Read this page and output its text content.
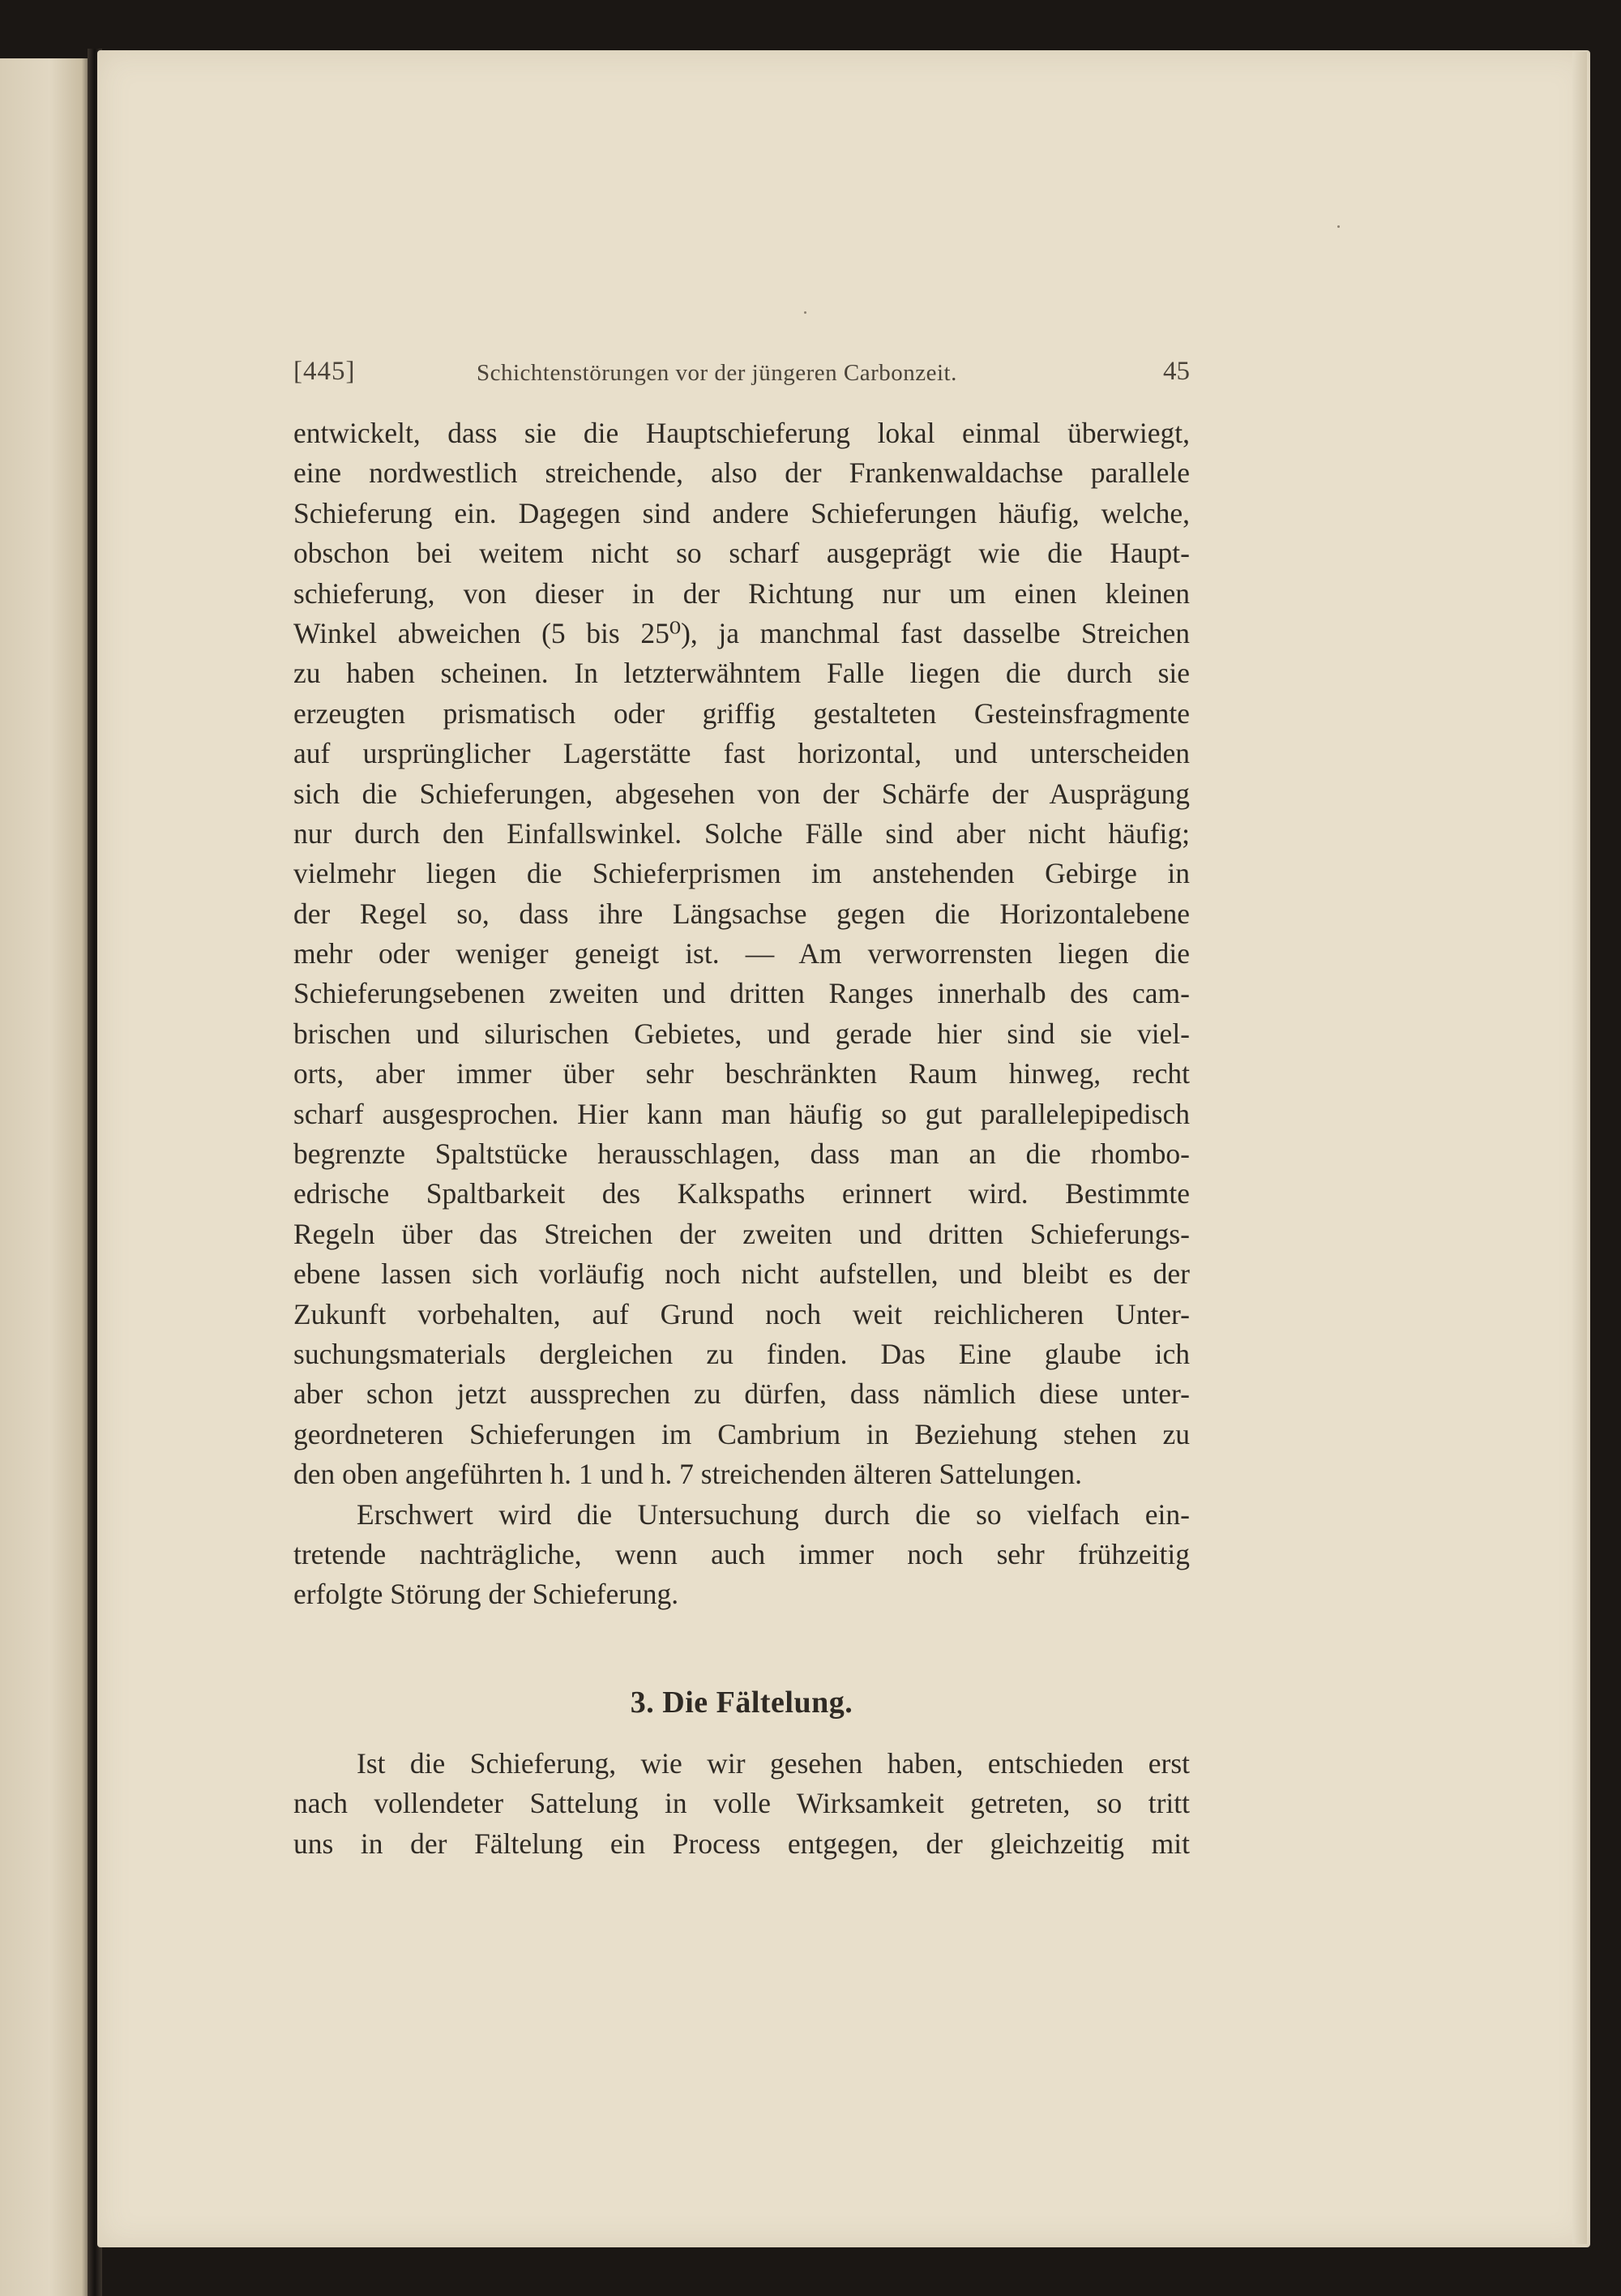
[445]	Schichtenstörungen vor der jüngeren Carbonzeit.	45
entwickelt, dass sie die Hauptschieferung lokal einmal überwiegt,
eine nordwestlich streichende, also der Frankenwaldachse parallele
Schieferung ein. Dagegen sind andere Schieferungen häufig, welche,
obschon bei weitem nicht so scharf ausgeprägt wie die Haupt-
schieferung, von dieser in der Richtung nur um einen kleinen
Winkel abweichen (5 bis 25⁰), ja manchmal fast dasselbe Streichen
zu haben scheinen. In letzterwähntem Falle liegen die durch sie
erzeugten prismatisch oder griffig gestalteten Gesteinsfragmente
auf ursprünglicher Lagerstätte fast horizontal, und unterscheiden
sich die Schieferungen, abgesehen von der Schärfe der Ausprägung
nur durch den Einfallswinkel. Solche Fälle sind aber nicht häufig;
vielmehr liegen die Schieferprismen im anstehenden Gebirge in
der Regel so, dass ihre Längsachse gegen die Horizontalebene
mehr oder weniger geneigt ist. — Am verworrensten liegen die
Schieferungsebenen zweiten und dritten Ranges innerhalb des cam-
brischen und silurischen Gebietes, und gerade hier sind sie viel-
orts, aber immer über sehr beschränkten Raum hinweg, recht
scharf ausgesprochen. Hier kann man häufig so gut parallelepipedisch
begrenzte Spaltstücke herausschlagen, dass man an die rhombo-
edrische Spaltbarkeit des Kalkspaths erinnert wird. Bestimmte
Regeln über das Streichen der zweiten und dritten Schieferungs-
ebene lassen sich vorläufig noch nicht aufstellen, und bleibt es der
Zukunft vorbehalten, auf Grund noch weit reichlicheren Unter-
suchungsmaterials dergleichen zu finden. Das Eine glaube ich
aber schon jetzt aussprechen zu dürfen, dass nämlich diese unter-
geordneteren Schieferungen im Cambrium in Beziehung stehen zu
den oben angeführten h. 1 und h. 7 streichenden älteren Sattelungen.
Erschwert wird die Untersuchung durch die so vielfach ein-
tretende nachträgliche, wenn auch immer noch sehr frühzeitig
erfolgte Störung der Schieferung.
3. Die Fältelung.
Ist die Schieferung, wie wir gesehen haben, entschieden erst
nach vollendeter Sattelung in volle Wirksamkeit getreten, so tritt
uns in der Fältelung ein Process entgegen, der gleichzeitig mit
